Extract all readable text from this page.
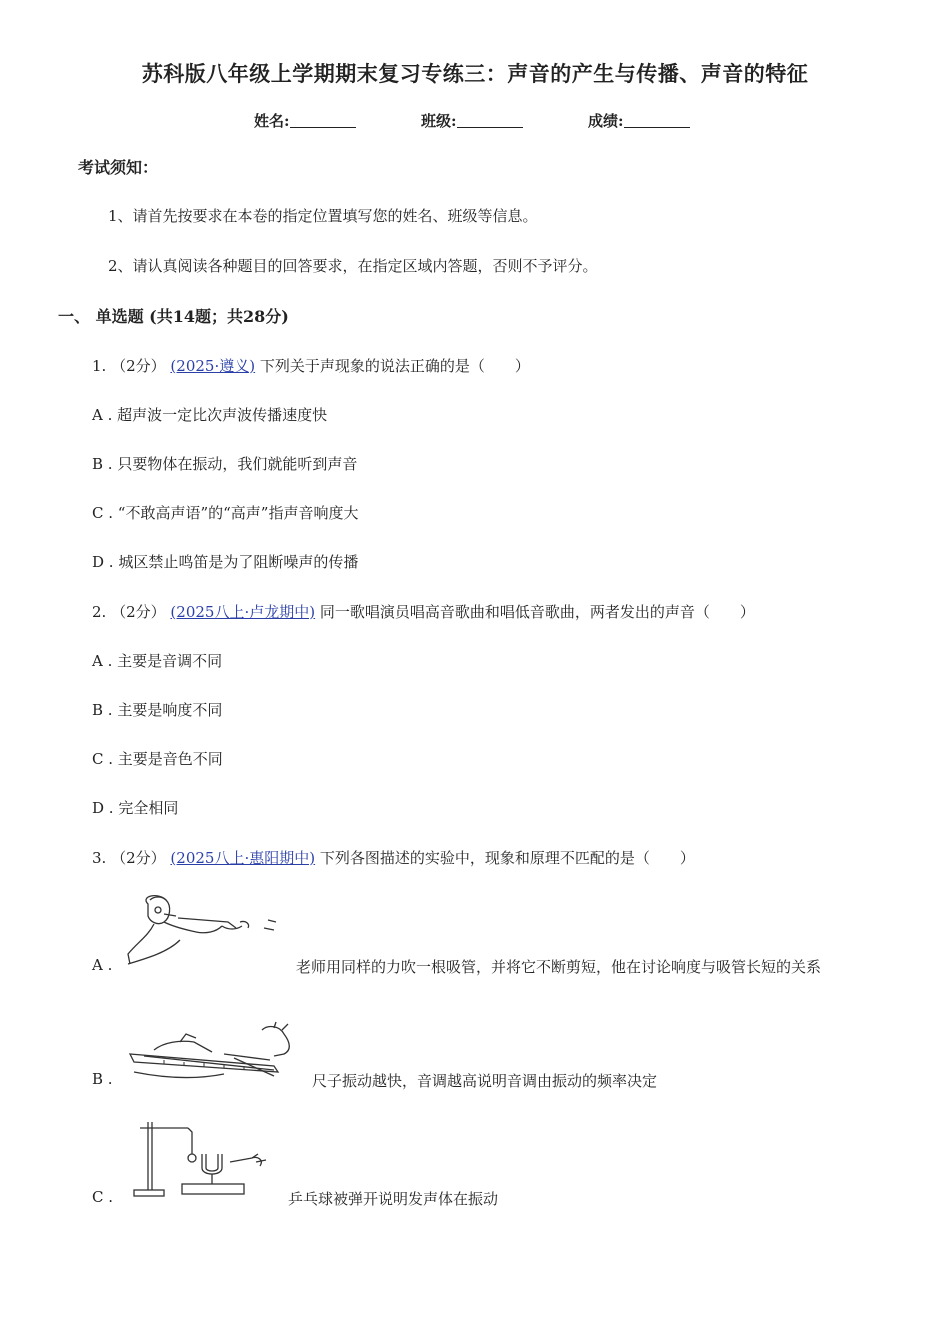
苏科版八年级上学期期末复习专练三：声音的产生与传播、声音的特征
姓名:	班级:	成绩:
考试须知：
1、请首先按要求在本卷的指定位置填写您的姓名、班级等信息。
2、请认真阅读各种题目的回答要求，在指定区域内答题，否则不予评分。
一、 单选题 (共14题；共28分)
1. （2分） (2025·遵义) 下列关于声现象的说法正确的是（　　）
A . 超声波一定比次声波传播速度快
B . 只要物体在振动，我们就能听到声音
C . “不敢高声语”的“高声”指声音响度大
D . 城区禁止鸣笛是为了阻断噪声的传播
2. （2分） (2025八上·卢龙期中) 同一歌唱演员唱高音歌曲和唱低音歌曲，两者发出的声音（　　）
A . 主要是音调不同
B . 主要是响度不同
C . 主要是音色不同
D . 完全相同
3. （2分） (2025八上·惠阳期中) 下列各图描述的实验中，现象和原理不匹配的是（　　）
A .	老师用同样的力吹一根吸管，并将它不断剪短，他在讨论响度与吸管长短的关系
B .	尺子振动越快，音调越高说明音调由振动的频率决定
C .	乒乓球被弹开说明发声体在振动
